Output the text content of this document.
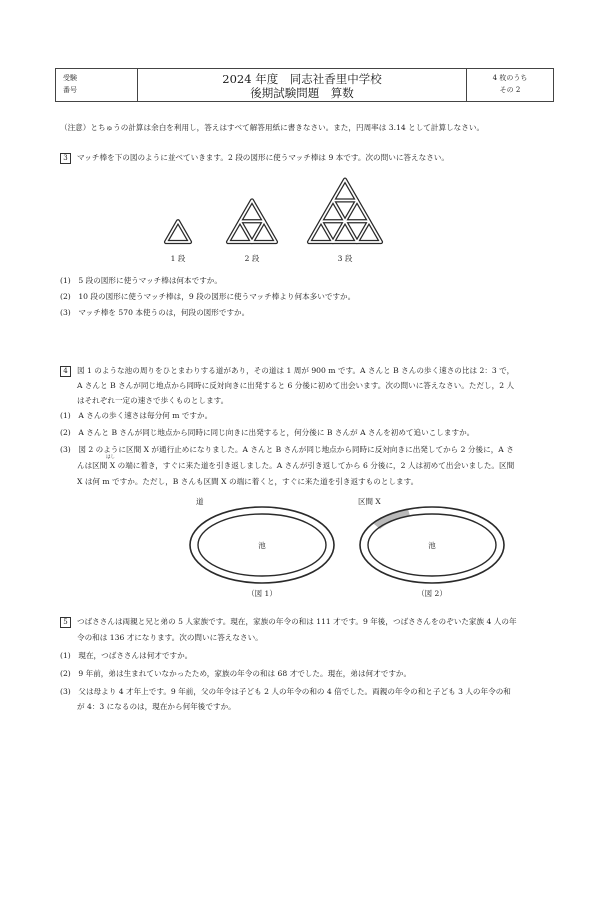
受験
番号
2024 年度　同志社香里中学校
後期試験問題　算数
4 枚のうち
その 2
（注意）とちゅうの計算は余白を利用し，答えはすべて解答用紙に書きなさい。また，円周率は 3.14 として計算しなさい。
3 マッチ棒を下の図のように並べていきます。2 段の図形に使うマッチ棒は 9 本です。次の問いに答えなさい。
1 段	2 段	3 段
(1)　5 段の図形に使うマッチ棒は何本ですか。
(2)　10 段の図形に使うマッチ棒は，9 段の図形に使うマッチ棒より何本多いですか。
(3)　マッチ棒を 570 本使うのは，何段の図形ですか。
4 図 1 のような池の周りをひとまわりする道があり，その道は 1 周が 900 m です。A さんと B さんの歩く速さの比は 2：3 で，
A さんと B さんが同じ地点から同時に反対向きに出発すると 6 分後に初めて出会います。次の問いに答えなさい。ただし，2 人
はそれぞれ一定の速さで歩くものとします。
(1)　A さんの歩く速さは毎分何 m ですか。
(2)　A さんと B さんが同じ地点から同時に同じ向きに出発すると，何分後に B さんが A さんを初めて追いこしますか。
(3)　図 2 のように区間 X が通行止めになりました。A さんと B さんが同じ地点から同時に反対向きに出発してから 2 分後に，A さ
はし
んは区間 X の端に着き，すぐに来た道を引き返しました。A さんが引き返してから 6 分後に，2 人は初めて出会いました。区間
X は何 m ですか。ただし，B さんも区間 X の端に着くと，すぐに来た道を引き返すものとします。
道
池
（図 1）
区間 X
池
（図 2）
5 つばささんは両親と兄と弟の 5 人家族です。現在，家族の年令の和は 111 才です。9 年後，つばささんをのぞいた家族 4 人の年
令の和は 136 才になります。次の問いに答えなさい。
(1)　現在，つばささんは何才ですか。
(2)　9 年前，弟は生まれていなかったため，家族の年令の和は 68 才でした。現在，弟は何才ですか。
(3)　父は母より 4 才年上です。9 年前，父の年令は子ども 2 人の年令の和の 4 倍でした。両親の年令の和と子ども 3 人の年令の和
が 4：3 になるのは，現在から何年後ですか。
